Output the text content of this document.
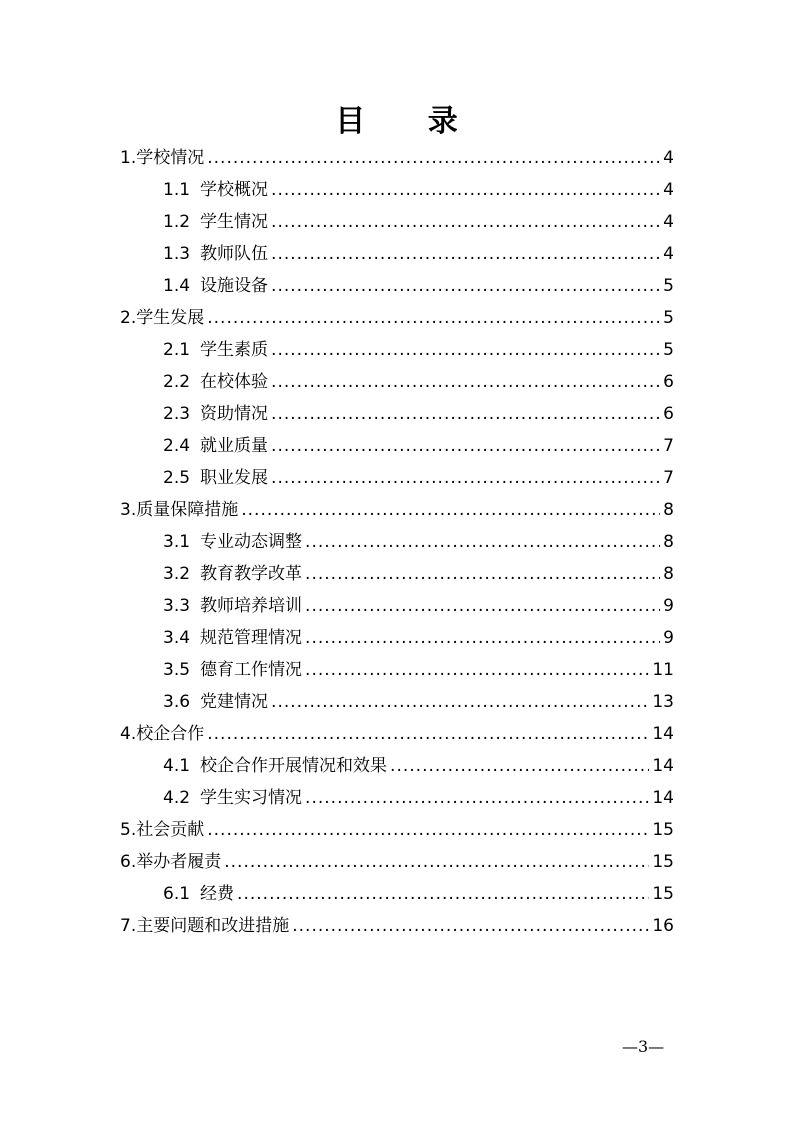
目 录
1. 学校情况 .....	4
1.1 学校概况 .....	4
1.2 学生情况 .....	4
1.3 教师队伍 .....	4
1.4 设施设备 .....	5
2. 学生发展 .....	5
2.1 学生素质 .....	5
2.2 在校体验 .....	6
2.3 资助情况 .....	6
2.4 就业质量 .....	7
2.5 职业发展 .....	7
3. 质量保障措施 .....	8
3.1 专业动态调整 .....	8
3.2 教育教学改革 .....	8
3.3 教师培养培训 .....	9
3.4 规范管理情况 .....	9
3.5 德育工作情况 .....	11
3.6 党建情况 .....	13
4. 校企合作 .....	14
4.1 校企合作开展情况和效果 .....	14
4.2 学生实习情况 .....	14
5. 社会贡献 .....	15
6. 举办者履责 .....	15
6.1 经费 .....	15
7. 主要问题和改进措施 .....	16
—3—
